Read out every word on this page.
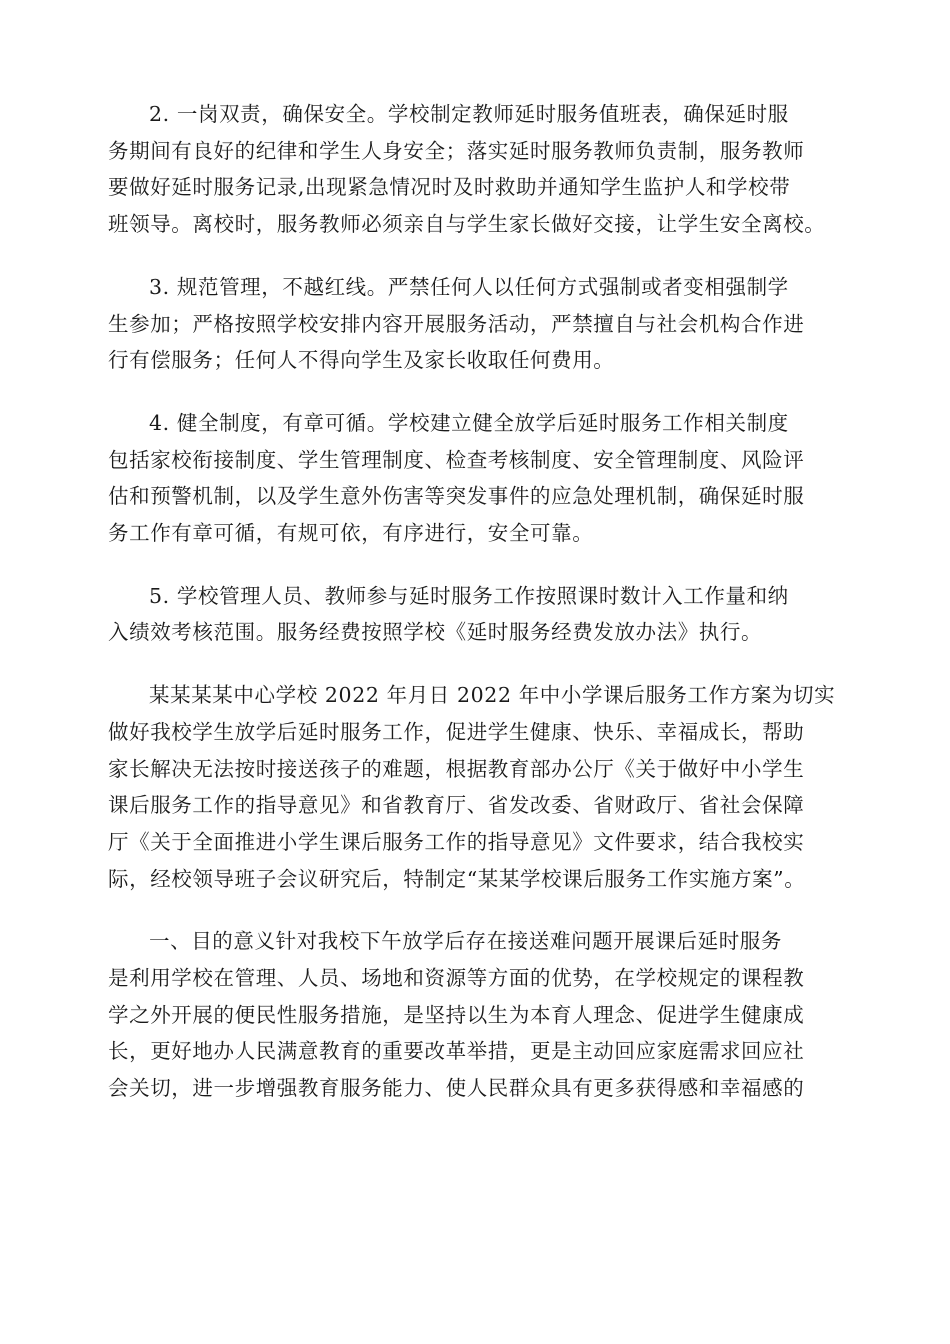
2. 一岗双责，确保安全。学校制定教师延时服务值班表，确保延时服
务期间有良好的纪律和学生人身安全；落实延时服务教师负责制，服务教师
要做好延时服务记录,出现紧急情况时及时救助并通知学生监护人和学校带
班领导。离校时，服务教师必须亲自与学生家长做好交接，让学生安全离校。

3. 规范管理，不越红线。严禁任何人以任何方式强制或者变相强制学
生参加；严格按照学校安排内容开展服务活动，严禁擅自与社会机构合作进
行有偿服务；任何人不得向学生及家长收取任何费用。

4. 健全制度，有章可循。学校建立健全放学后延时服务工作相关制度
包括家校衔接制度、学生管理制度、检查考核制度、安全管理制度、风险评
估和预警机制，以及学生意外伤害等突发事件的应急处理机制，确保延时服
务工作有章可循，有规可依，有序进行，安全可靠。

5. 学校管理人员、教师参与延时服务工作按照课时数计入工作量和纳
入绩效考核范围。服务经费按照学校《延时服务经费发放办法》执行。

某某某某中心学校 2022 年月日 2022 年中小学课后服务工作方案为切实
做好我校学生放学后延时服务工作，促进学生健康、快乐、幸福成长，帮助
家长解决无法按时接送孩子的难题，根据教育部办公厅《关于做好中小学生
课后服务工作的指导意见》和省教育厅、省发改委、省财政厅、省社会保障
厅《关于全面推进小学生课后服务工作的指导意见》文件要求，结合我校实
际，经校领导班子会议研究后，特制定“某某学校课后服务工作实施方案”。

一、目的意义针对我校下午放学后存在接送难问题开展课后延时服务
是利用学校在管理、人员、场地和资源等方面的优势，在学校规定的课程教
学之外开展的便民性服务措施，是坚持以生为本育人理念、促进学生健康成
长，更好地办人民满意教育的重要改革举措，更是主动回应家庭需求回应社
会关切，进一步增强教育服务能力、使人民群众具有更多获得感和幸福感的
